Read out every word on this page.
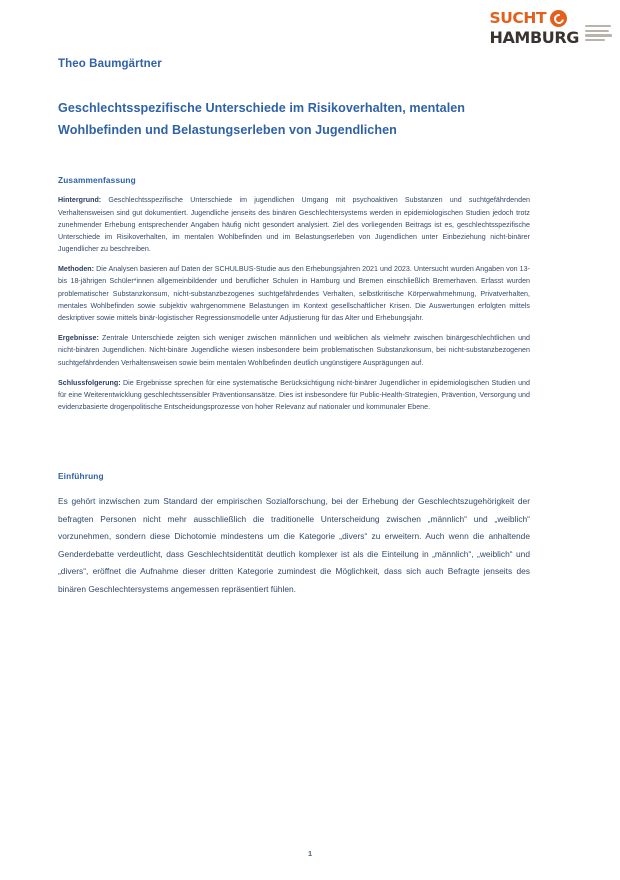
SUCHT
HAMBURG
Theo Baumgärtner
Geschlechtsspezifische Unterschiede im Risikoverhalten, mentalen Wohlbefinden und Belastungserleben von Jugendlichen
Zusammenfassung

Hintergrund: Geschlechtsspezifische Unterschiede im jugendlichen Umgang mit psychoaktiven Substanzen und suchtgefährdenden Verhaltensweisen sind gut dokumentiert. Jugendliche jenseits des binären Geschlechtersystems werden in epidemiologischen Studien jedoch trotz zunehmender Erhebung entsprechender Angaben häufig nicht gesondert analysiert. Ziel des vorliegenden Beitrags ist es, geschlechtsspezifische Unterschiede im Risikoverhalten, im mentalen Wohlbefinden und im Belastungserleben von Jugendlichen unter Einbeziehung nicht-binärer Jugendlicher zu beschreiben.

Methoden: Die Analysen basieren auf Daten der SCHULBUS-Studie aus den Erhebungsjahren 2021 und 2023. Untersucht wurden Angaben von 13- bis 18-jährigen Schüler*innen allgemeinbildender und beruflicher Schulen in Hamburg und Bremen einschließlich Bremerhaven. Erfasst wurden problematischer Substanzkonsum, nicht-substanzbezogenes suchtgefährdendes Verhalten, selbstkritische Körperwahrnehmung, Privatverhalten, mentales Wohlbefinden sowie subjektiv wahrgenommene Belastungen im Kontext gesellschaftlicher Krisen. Die Auswertungen erfolgten mittels deskriptiver sowie mittels binär-logistischer Regressionsmodelle unter Adjustierung für das Alter und Erhebungsjahr.

Ergebnisse: Zentrale Unterschiede zeigten sich weniger zwischen männlichen und weiblichen als vielmehr zwischen binärgeschlechtlichen und nicht-binären Jugendlichen. Nicht-binäre Jugendliche wiesen insbesondere beim problematischen Substanzkonsum, bei nicht-substanzbezogenen suchtgefährdenden Verhaltensweisen sowie beim mentalen Wohlbefinden deutlich ungünstigere Ausprägungen auf.

Schlussfolgerung: Die Ergebnisse sprechen für eine systematische Berücksichtigung nicht-binärer Jugendlicher in epidemiologischen Studien und für eine Weiterentwicklung geschlechtssensibler Präventionsansätze. Dies ist insbesondere für Public-Health-Strategien, Prävention, Versorgung und evidenzbasierte drogenpolitische Entscheidungsprozesse von hoher Relevanz auf nationaler und kommunaler Ebene.

Einführung

Es gehört inzwischen zum Standard der empirischen Sozialforschung, bei der Erhebung der Geschlechtszugehörigkeit der befragten Personen nicht mehr ausschließlich die traditionelle Unterscheidung zwischen „männlich“ und „weiblich“ vorzunehmen, sondern diese Dichotomie mindestens um die Kategorie „divers“ zu erweitern. Auch wenn die anhaltende Genderdebatte verdeutlicht, dass Geschlechtsidentität deutlich komplexer ist als die Einteilung in „männlich“, „weiblich“ und „divers“, eröffnet die Aufnahme dieser dritten Kategorie zumindest die Möglichkeit, dass sich auch Befragte jenseits des binären Geschlechtersystems angemessen repräsentiert fühlen.

1
